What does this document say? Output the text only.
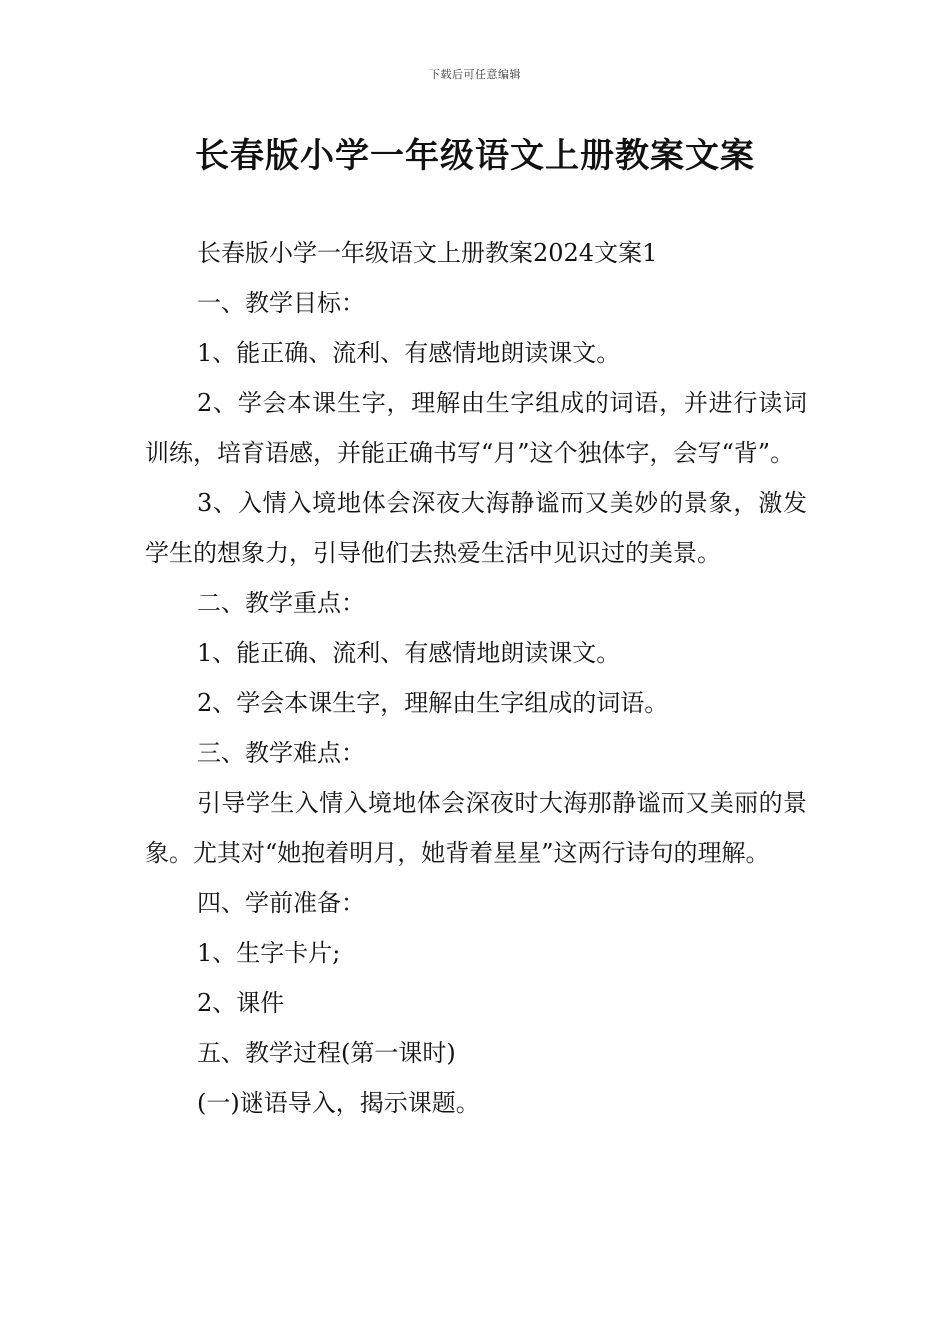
下载后可任意编辑
长春版小学一年级语文上册教案文案

长春版小学一年级语文上册教案2024文案1

一、教学目标：

1、能正确、流利、有感情地朗读课文。

2、学会本课生字，理解由生字组成的词语，并进行读词训练，培育语感，并能正确书写“月”这个独体字，会写“背”。

3、入情入境地体会深夜大海静谧而又美妙的景象，激发学生的想象力，引导他们去热爱生活中见识过的美景。

二、教学重点：

1、能正确、流利、有感情地朗读课文。

2、学会本课生字，理解由生字组成的词语。

三、教学难点：

引导学生入情入境地体会深夜时大海那静谧而又美丽的景象。尤其对“她抱着明月，她背着星星”这两行诗句的理解。

四、学前准备：

1、生字卡片;

2、课件

五、教学过程(第一课时)

(一)谜语导入，揭示课题。
